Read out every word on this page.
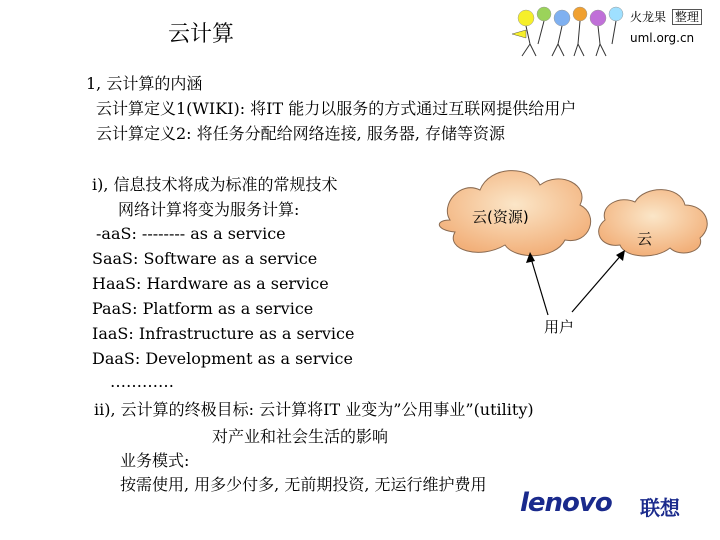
云计算
火龙果 整理
uml.org.cn
1, 云计算的内涵
云计算定义1(WIKI): 将IT 能力以服务的方式通过互联网提供给用户
云计算定义2: 将任务分配给网络连接, 服务器, 存储等资源
i), 信息技术将成为标准的常规技术
网络计算将变为服务计算:
-aaS: -------- as a service
SaaS: Software as a service
HaaS: Hardware as a service
PaaS: Platform as a service
IaaS: Infrastructure as a service
DaaS: Development as a service
…………
ii), 云计算的终极目标: 云计算将IT 业变为”公用事业”(utility)
对产业和社会生活的影响
业务模式:
按需使用, 用多少付多, 无前期投资, 无运行维护费用
云(资源)
云
用户
lenovo 联想
